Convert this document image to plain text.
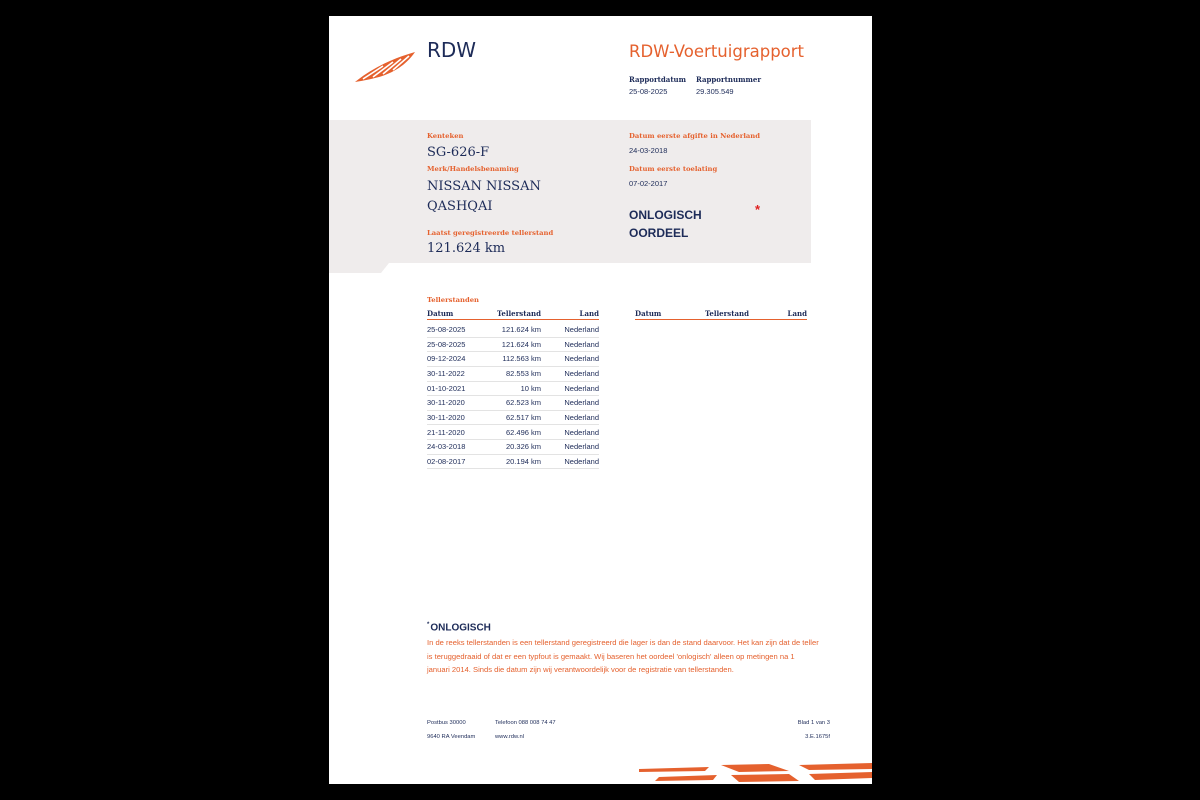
RDW	RDW-Voertuigrapport
Rapportdatum
25-08-2025
Rapportnummer
29.305.549
Kenteken
SG-626-F
Merk/Handelsbenaming
NISSAN NISSAN
QASHQAI
Laatst geregistreerde tellerstand
121.624 km
Datum eerste afgifte in Nederland
24-03-2018
Datum eerste toelating
07-02-2017
ONLOGISCH
OORDEEL
*
Tellerstanden
Datum	Tellerstand	Land
25-08-2025	121.624 km	Nederland
25-08-2025	121.624 km	Nederland
09-12-2024	112.563 km	Nederland
30-11-2022	82.553 km	Nederland
01-10-2021	10 km	Nederland
30-11-2020	62.523 km	Nederland
30-11-2020	62.517 km	Nederland
21-11-2020	62.496 km	Nederland
24-03-2018	20.326 km	Nederland
02-08-2017	20.194 km	Nederland
Datum	Tellerstand	Land
*ONLOGISCH
In de reeks tellerstanden is een tellerstand geregistreerd die lager is dan de stand daarvoor. Het kan zijn dat de teller is teruggedraaid of dat er een typfout is gemaakt. Wij baseren het oordeel 'onlogisch' alleen op metingen na 1 januari 2014. Sinds die datum zijn wij verantwoordelijk voor de registratie van tellerstanden.
Postbus 30000
9640 RA Veendam
Telefoon 088 008 74 47
www.rdw.nl
Blad 1 van 3
3.E.1675f
